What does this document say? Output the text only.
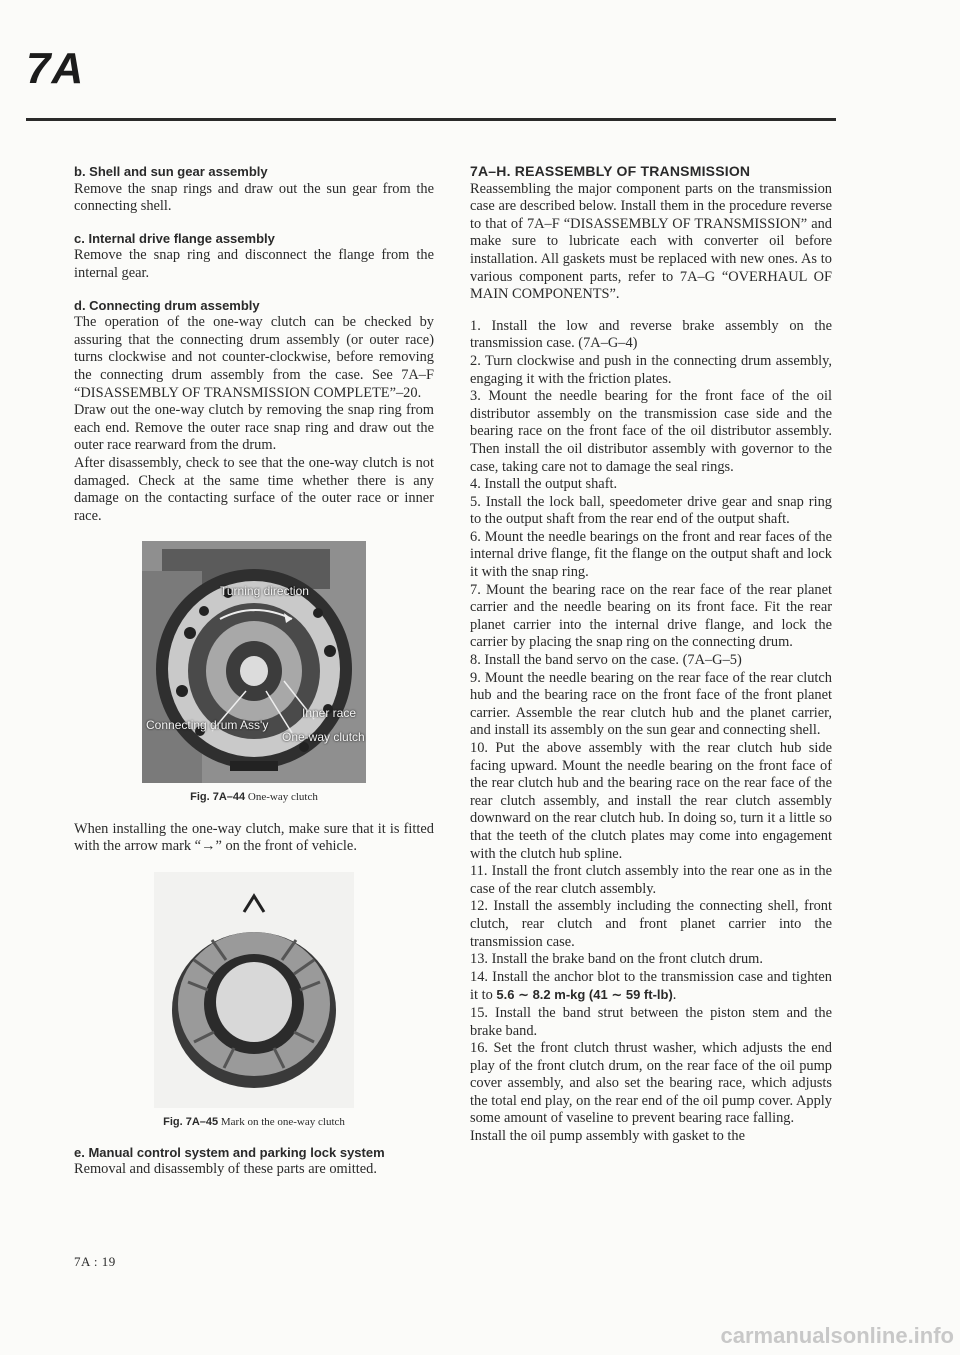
7A
b. Shell and sun gear assembly

Remove the snap rings and draw out the sun gear from the connecting shell.

c. Internal drive flange assembly

Remove the snap ring and disconnect the flange from the internal gear.

d. Connecting drum assembly

The operation of the one-way clutch can be checked by assuring that the connecting drum assembly (or outer race) turns clockwise and not counter-clockwise, before removing the connecting drum assembly from the case. See 7A–F “DISASSEMBLY OF TRANSMISSION COMPLETE”–20.

Draw out the one-way clutch by removing the snap ring from each end. Remove the outer race snap ring and draw out the outer race rearward from the drum.

After disassembly, check to see that the one-way clutch is not damaged. Check at the same time whether there is any damage on the contacting surface of the outer race or inner race.

Turning direction
Connecting drum Ass'y
Inner race
One-way clutch
Fig. 7A–44 One-way clutch

When installing the one-way clutch, make sure that it is fitted with the arrow mark “→” on the front of vehicle.

Fig. 7A–45 Mark on the one-way clutch
e. Manual control system and parking lock system

Removal and disassembly of these parts are omitted.

7A–H. REASSEMBLY OF TRANSMISSION

Reassembling the major component parts on the transmission case are described below. Install them in the procedure reverse to that of 7A–F “DISASSEMBLY OF TRANSMISSION” and make sure to lubricate each with converter oil before installation. All gaskets must be replaced with new ones. As to various component parts, refer to 7A–G “OVERHAUL OF MAIN COMPONENTS”.

1. Install the low and reverse brake assembly on the transmission case. (7A–G–4)

2. Turn clockwise and push in the connecting drum assembly, engaging it with the friction plates.

3. Mount the needle bearing for the front face of the oil distributor assembly on the transmission case side and the bearing race on the front face of the oil distributor assembly. Then install the oil distributor assembly with governor to the case, taking care not to damage the seal rings.

4. Install the output shaft.

5. Install the lock ball, speedometer drive gear and snap ring to the output shaft from the rear end of the output shaft.

6. Mount the needle bearings on the front and rear faces of the internal drive flange, fit the flange on the output shaft and lock it with the snap ring.

7. Mount the bearing race on the rear face of the rear planet carrier and the needle bearing on its front face. Fit the rear planet carrier into the internal drive flange, and lock the carrier by placing the snap ring on the connecting drum.

8. Install the band servo on the case. (7A–G–5)

9. Mount the needle bearing on the rear face of the rear clutch hub and the bearing race on the front face of the front planet carrier. Assemble the rear clutch hub and the planet carrier, and install its assembly on the sun gear and connecting shell.

10. Put the above assembly with the rear clutch hub side facing upward. Mount the needle bearing on the front face of the rear clutch hub and the bearing race on the rear face of the rear clutch assembly, and install the rear clutch assembly downward on the rear clutch hub. In doing so, turn it a little so that the teeth of the clutch plates may come into engagement with the clutch hub spline.

11. Install the front clutch assembly into the rear one as in the case of the rear clutch assembly.

12. Install the assembly including the connecting shell, front clutch, rear clutch and front planet carrier into the transmission case.

13. Install the brake band on the front clutch drum.

14. Install the anchor blot to the transmission case and tighten it to 5.6 ∼ 8.2 m-kg (41 ∼ 59 ft-lb).

15. Install the band strut between the piston stem and the brake band.

16. Set the front clutch thrust washer, which adjusts the end play of the front clutch drum, on the rear face of the oil pump cover assembly, and also set the bearing race, which adjusts the total end play, on the rear end of the oil pump cover. Apply some amount of vaseline to prevent bearing race falling.

Install the oil pump assembly with gasket to the

7A : 19
carmanualsonline.info
